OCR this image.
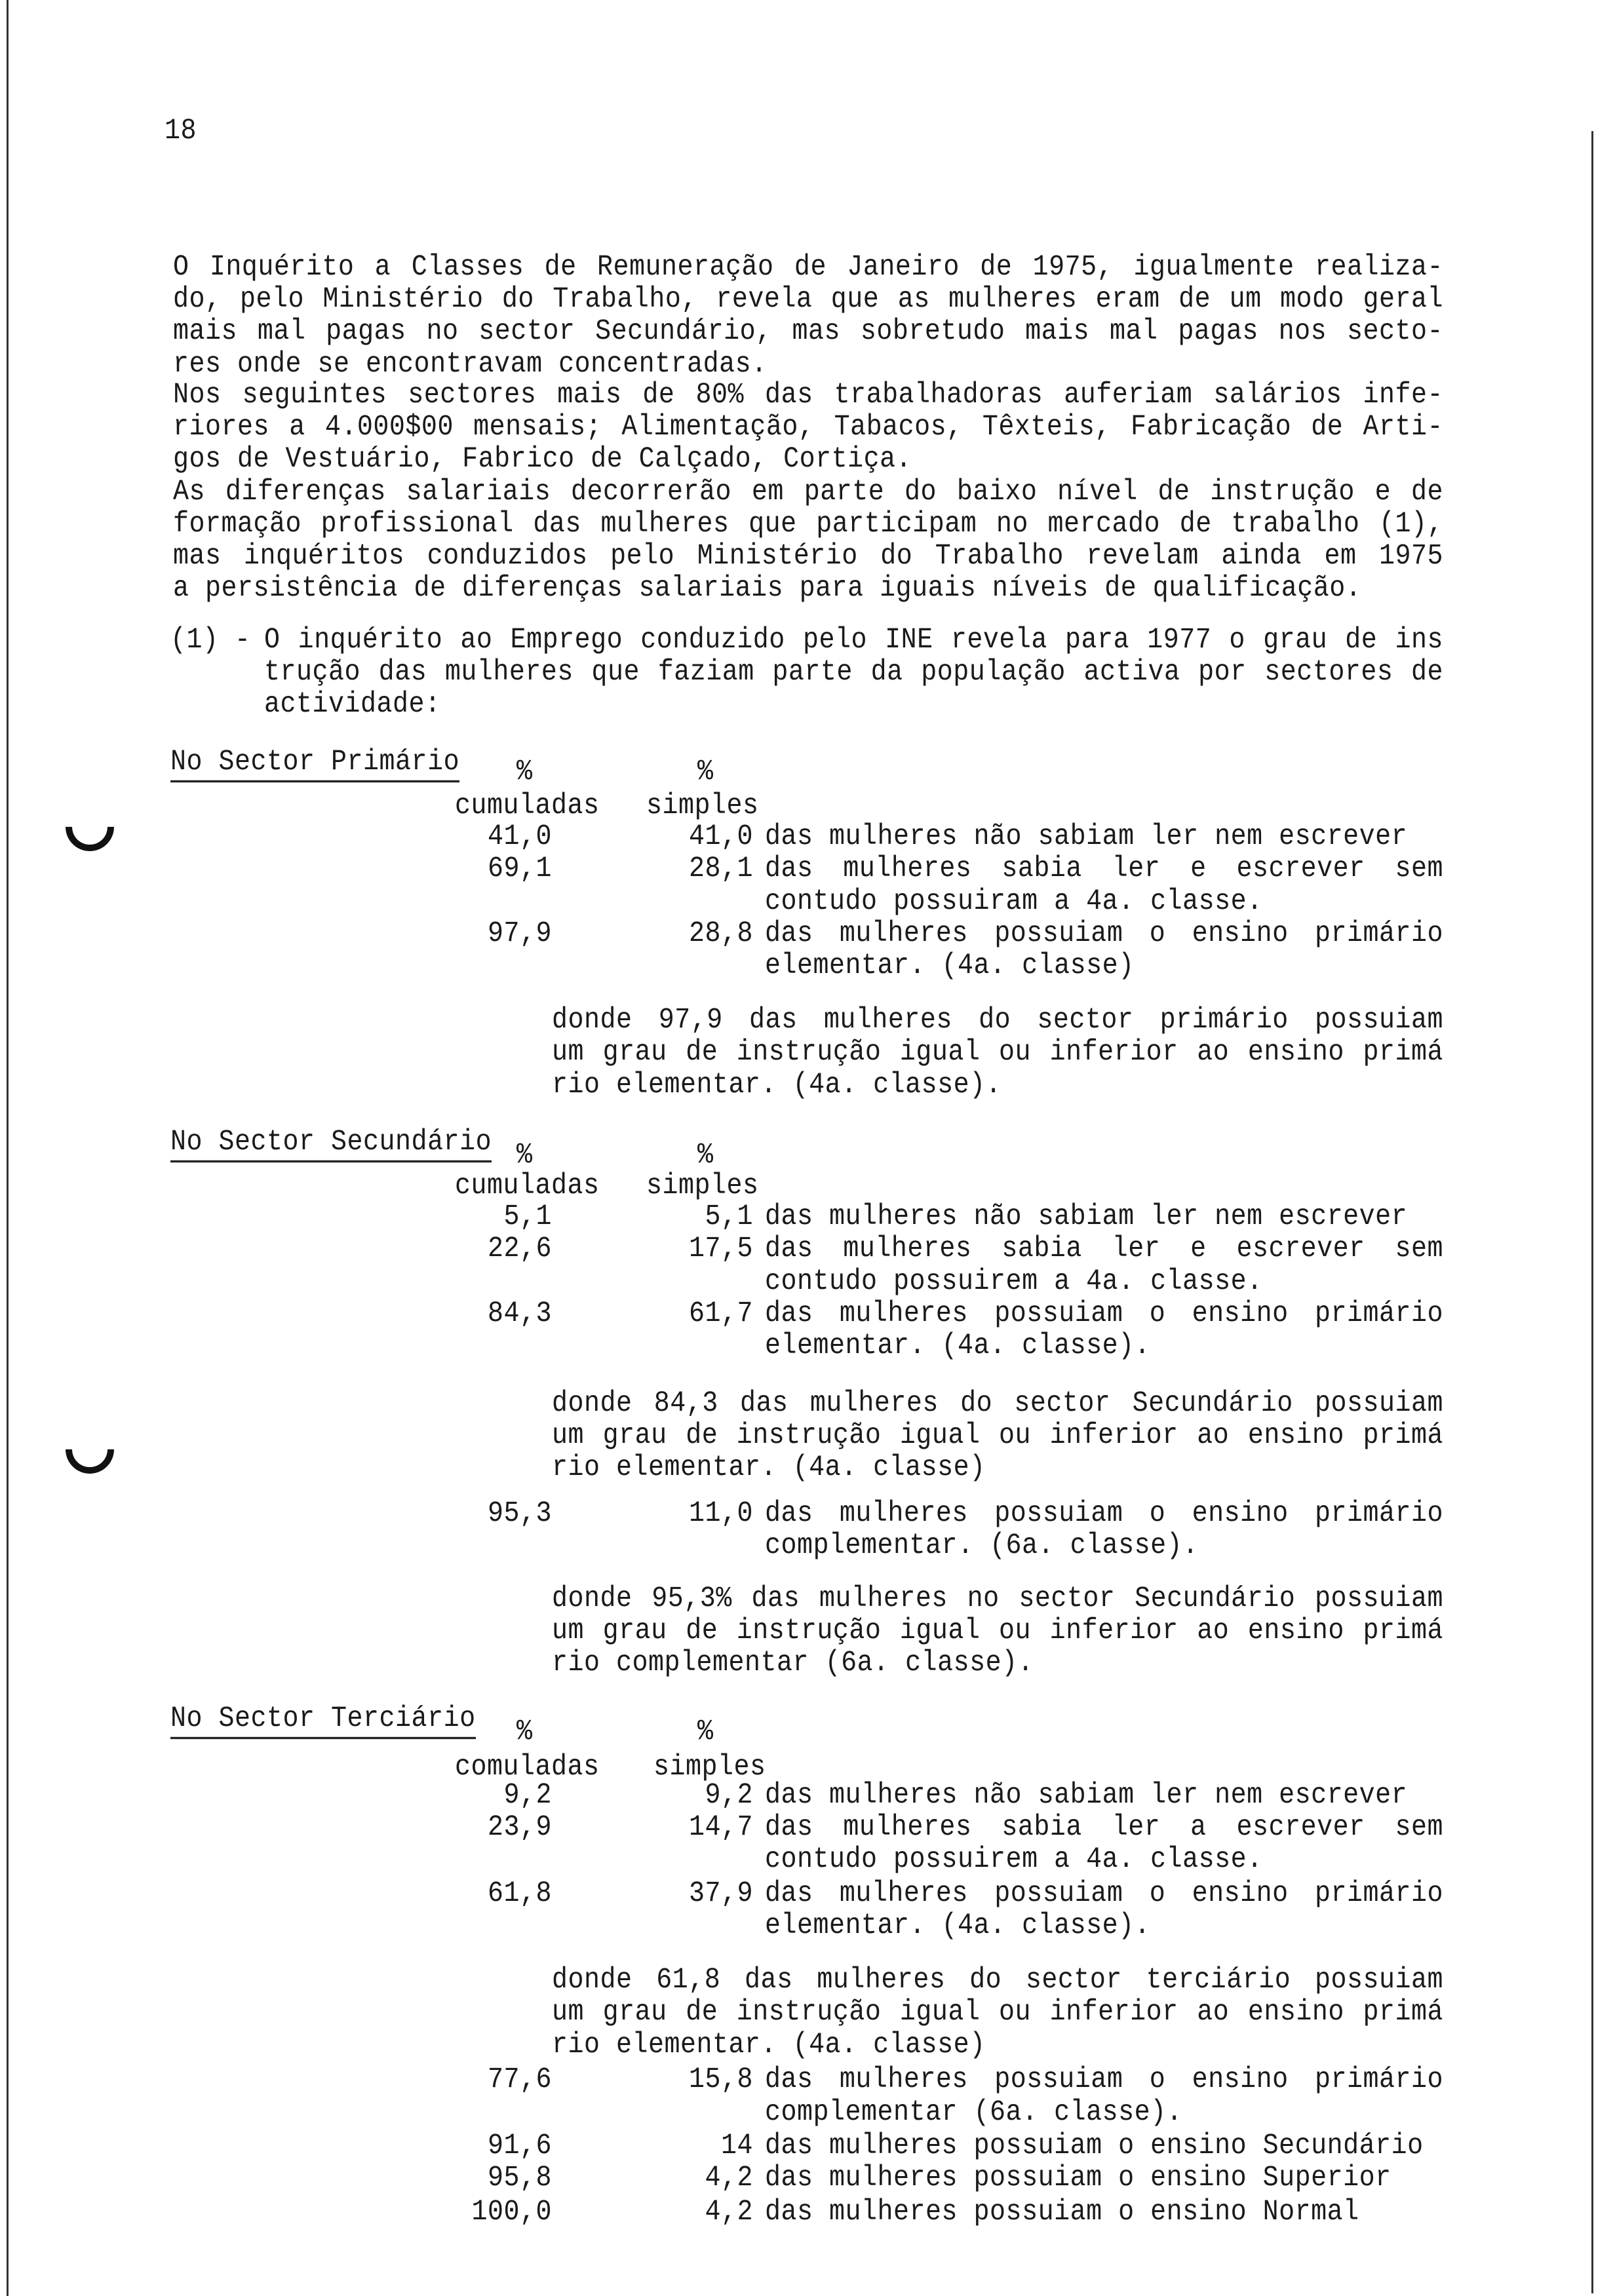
18
O Inquérito a Classes de Remuneração de Janeiro de 1975, igualmente realiza-
do, pelo Ministério do Trabalho, revela que as mulheres eram de um modo geral
mais mal pagas no sector Secundário, mas sobretudo mais mal pagas nos secto-
res onde se encontravam concentradas.
Nos seguintes sectores mais de 80% das trabalhadoras auferiam salários infe-
riores a 4.000$00 mensais; Alimentação, Tabacos, Têxteis, Fabricação de Arti-
gos de Vestuário, Fabrico de Calçado, Cortiça.
As diferenças salariais decorrerão em parte do baixo nível de instrução e de
formação profissional das mulheres que participam no mercado de trabalho (1),
mas inquéritos conduzidos pelo Ministério do Trabalho revelam ainda em 1975
a persistência de diferenças salariais para iguais níveis de qualificação.
(1) - O inquérito ao Emprego conduzido pelo INE revela para 1977 o grau de ins
trução das mulheres que faziam parte da população activa por sectores de
actividade:
No Sector Primário %	%
cumuladas simples
41,0	41,0 das mulheres não sabiam ler nem escrever
69,1	28,1 das mulheres sabia ler e escrever sem
contudo possuiram a 4a. classe.
97,9	28,8 das mulheres possuiam o ensino primário
elementar. (4a. classe)
donde 97,9 das mulheres do sector primário possuiam
um grau de instrução igual ou inferior ao ensino primá
rio elementar. (4a. classe).
No Sector Secundário %	%
cumuladas simples
5,1	5,1 das mulheres não sabiam ler nem escrever
22,6	17,5 das mulheres sabia ler e escrever sem
contudo possuirem a 4a. classe.
84,3	61,7 das mulheres possuiam o ensino primário
elementar. (4a. classe).
donde 84,3 das mulheres do sector Secundário possuiam
um grau de instrução igual ou inferior ao ensino primá
rio elementar. (4a. classe)
95,3	11,0 das mulheres possuiam o ensino primário
complementar. (6a. classe).
donde 95,3% das mulheres no sector Secundário possuiam
um grau de instrução igual ou inferior ao ensino primá
rio complementar (6a. classe).
No Sector Terciário %	%
comuladas simples
9,2	9,2 das mulheres não sabiam ler nem escrever
23,9	14,7 das mulheres sabia ler a escrever sem
contudo possuirem a 4a. classe.
61,8	37,9 das mulheres possuiam o ensino primário
elementar. (4a. classe).
donde 61,8 das mulheres do sector terciário possuiam
um grau de instrução igual ou inferior ao ensino primá
rio elementar. (4a. classe)
77,6	15,8 das mulheres possuiam o ensino primário
complementar (6a. classe).
91,6	14 das mulheres possuiam o ensino Secundário
95,8	4,2 das mulheres possuiam o ensino Superior
100,0	4,2 das mulheres possuiam o ensino Normal
